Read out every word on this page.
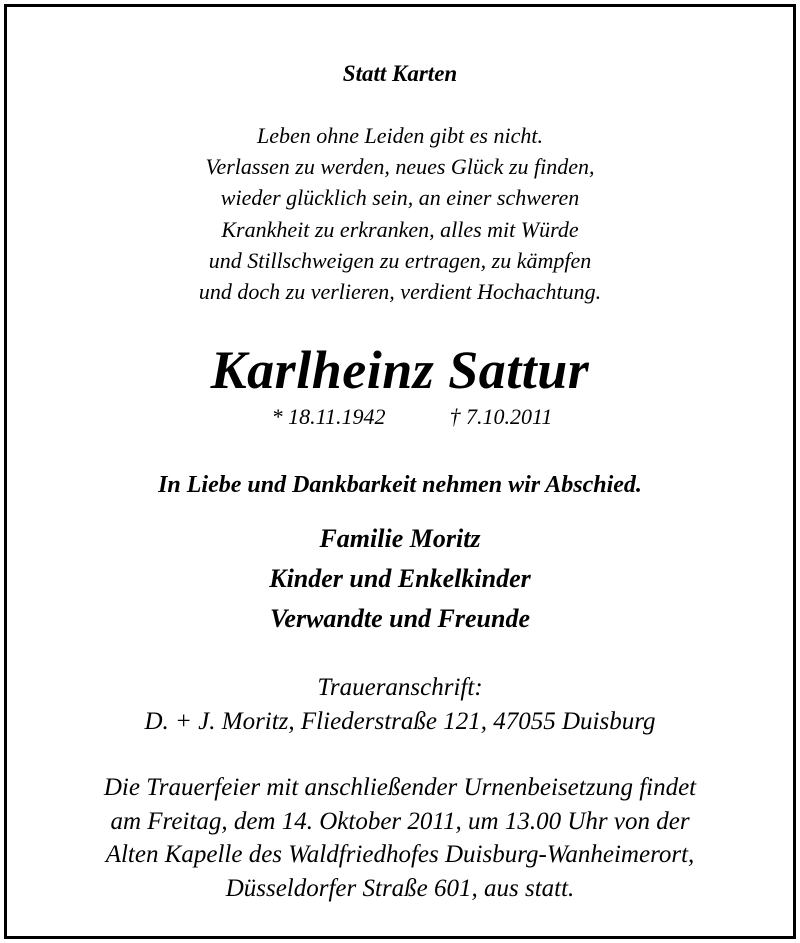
Statt Karten

Leben ohne Leiden gibt es nicht.
Verlassen zu werden, neues Glück zu finden,
wieder glücklich sein, an einer schweren
Krankheit zu erkranken, alles mit Würde
und Stillschweigen zu ertragen, zu kämpfen
und doch zu verlieren, verdient Hochachtung.

Karlheinz Sattur

* 18.11.1942	† 7.10.2011

In Liebe und Dankbarkeit nehmen wir Abschied.

Familie Moritz
Kinder und Enkelkinder
Verwandte und Freunde
Traueranschrift:
D. + J. Moritz, Fliederstraße 121, 47055 Duisburg
Die Trauerfeier mit anschließender Urnenbeisetzung findet
am Freitag, dem 14. Oktober 2011, um 13.00 Uhr von der
Alten Kapelle des Waldfriedhofes Duisburg-Wanheimerort,
Düsseldorfer Straße 601, aus statt.
